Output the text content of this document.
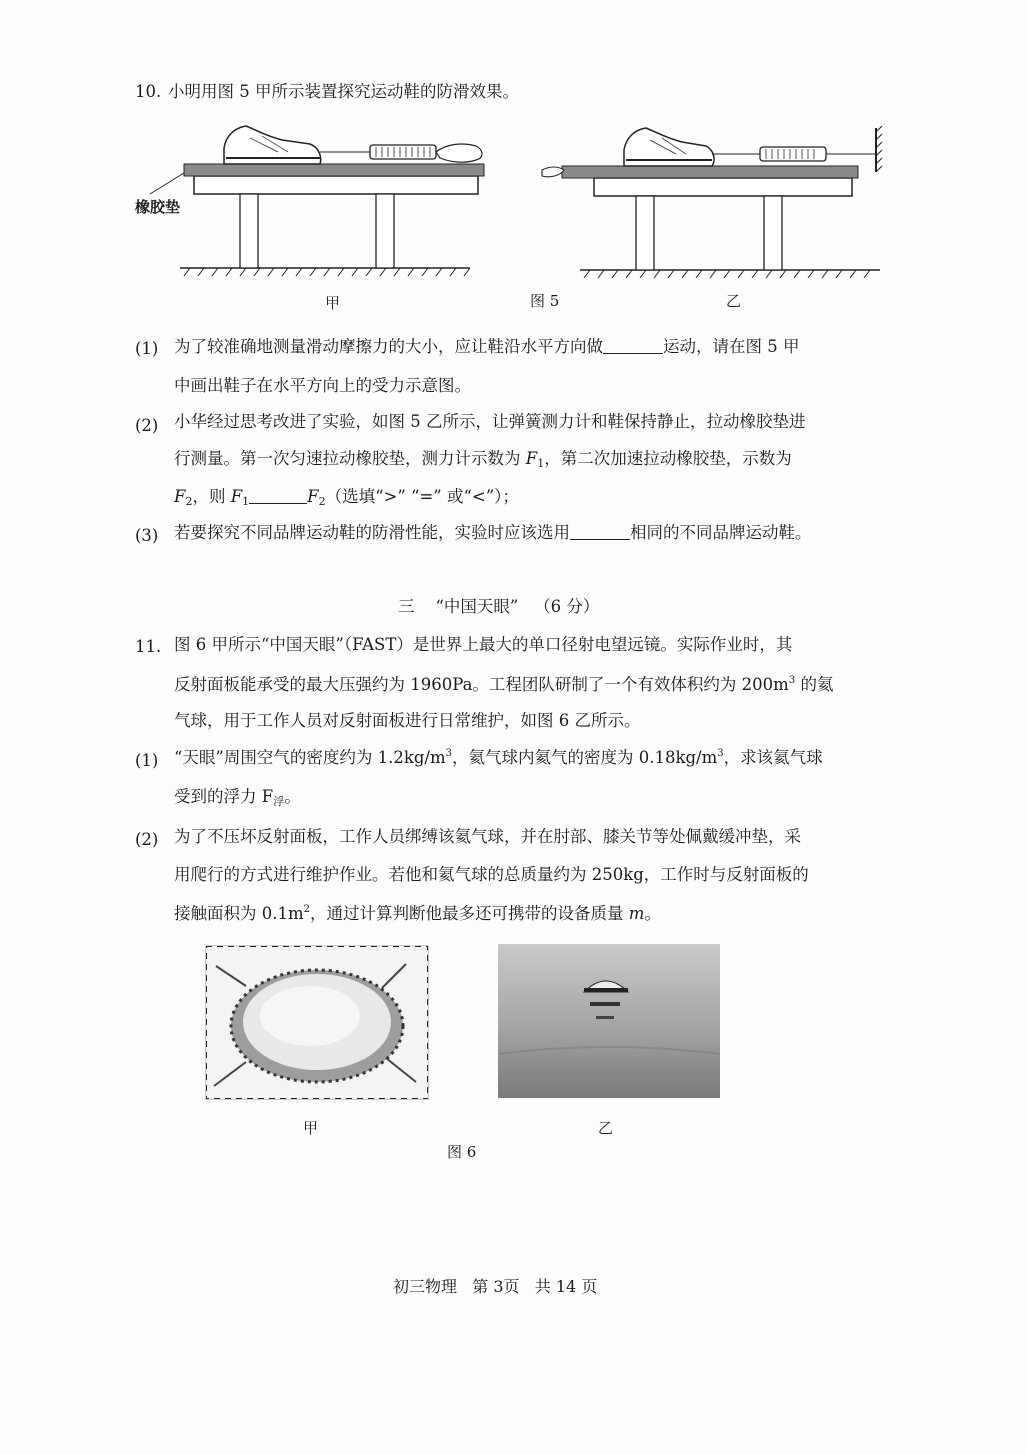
10. 小明用图 5 甲所示装置探究运动鞋的防滑效果。
橡胶垫
甲	图 5	乙
(1) 为了较准确地测量滑动摩擦力的大小，应让鞋沿水平方向做	运动，请在图 5 甲
中画出鞋子在水平方向上的受力示意图。
(2) 小华经过思考改进了实验，如图 5 乙所示，让弹簧测力计和鞋保持静止，拉动橡胶垫进
行测量。第一次匀速拉动橡胶垫，测力计示数为 $F_1$，第二次加速拉动橡胶垫，示数为
$F_2$，则 $F_1$	$F_2$（选填“>” “=” 或“<”）；
(3) 若要探究不同品牌运动鞋的防滑性能，实验时应该选用	相同的不同品牌运动鞋。
三 “中国天眼” （6 分）
11. 图 6 甲所示“中国天眼”（FAST）是世界上最大的单口径射电望远镜。实际作业时，其
反射面板能承受的最大压强约为 1960Pa。工程团队研制了一个有效体积约为 $200m^3$ 的氦
气球，用于工作人员对反射面板进行日常维护，如图 6 乙所示。
(1) “天眼”周围空气的密度约为 $1.2kg/m^3$，氦气球内氦气的密度为 $0.18kg/m^3$，求该氦气球
受到的浮力 $F_浮$。
(2) 为了不压坏反射面板，工作人员绑缚该氦气球，并在肘部、膝关节等处佩戴缓冲垫，采
用爬行的方式进行维护作业。若他和氦气球的总质量约为 250kg，工作时与反射面板的
接触面积为 $0.1m^2$，通过计算判断他最多还可携带的设备质量 m。
甲	乙
图 6
初三物理   第 3页   共 14 页
